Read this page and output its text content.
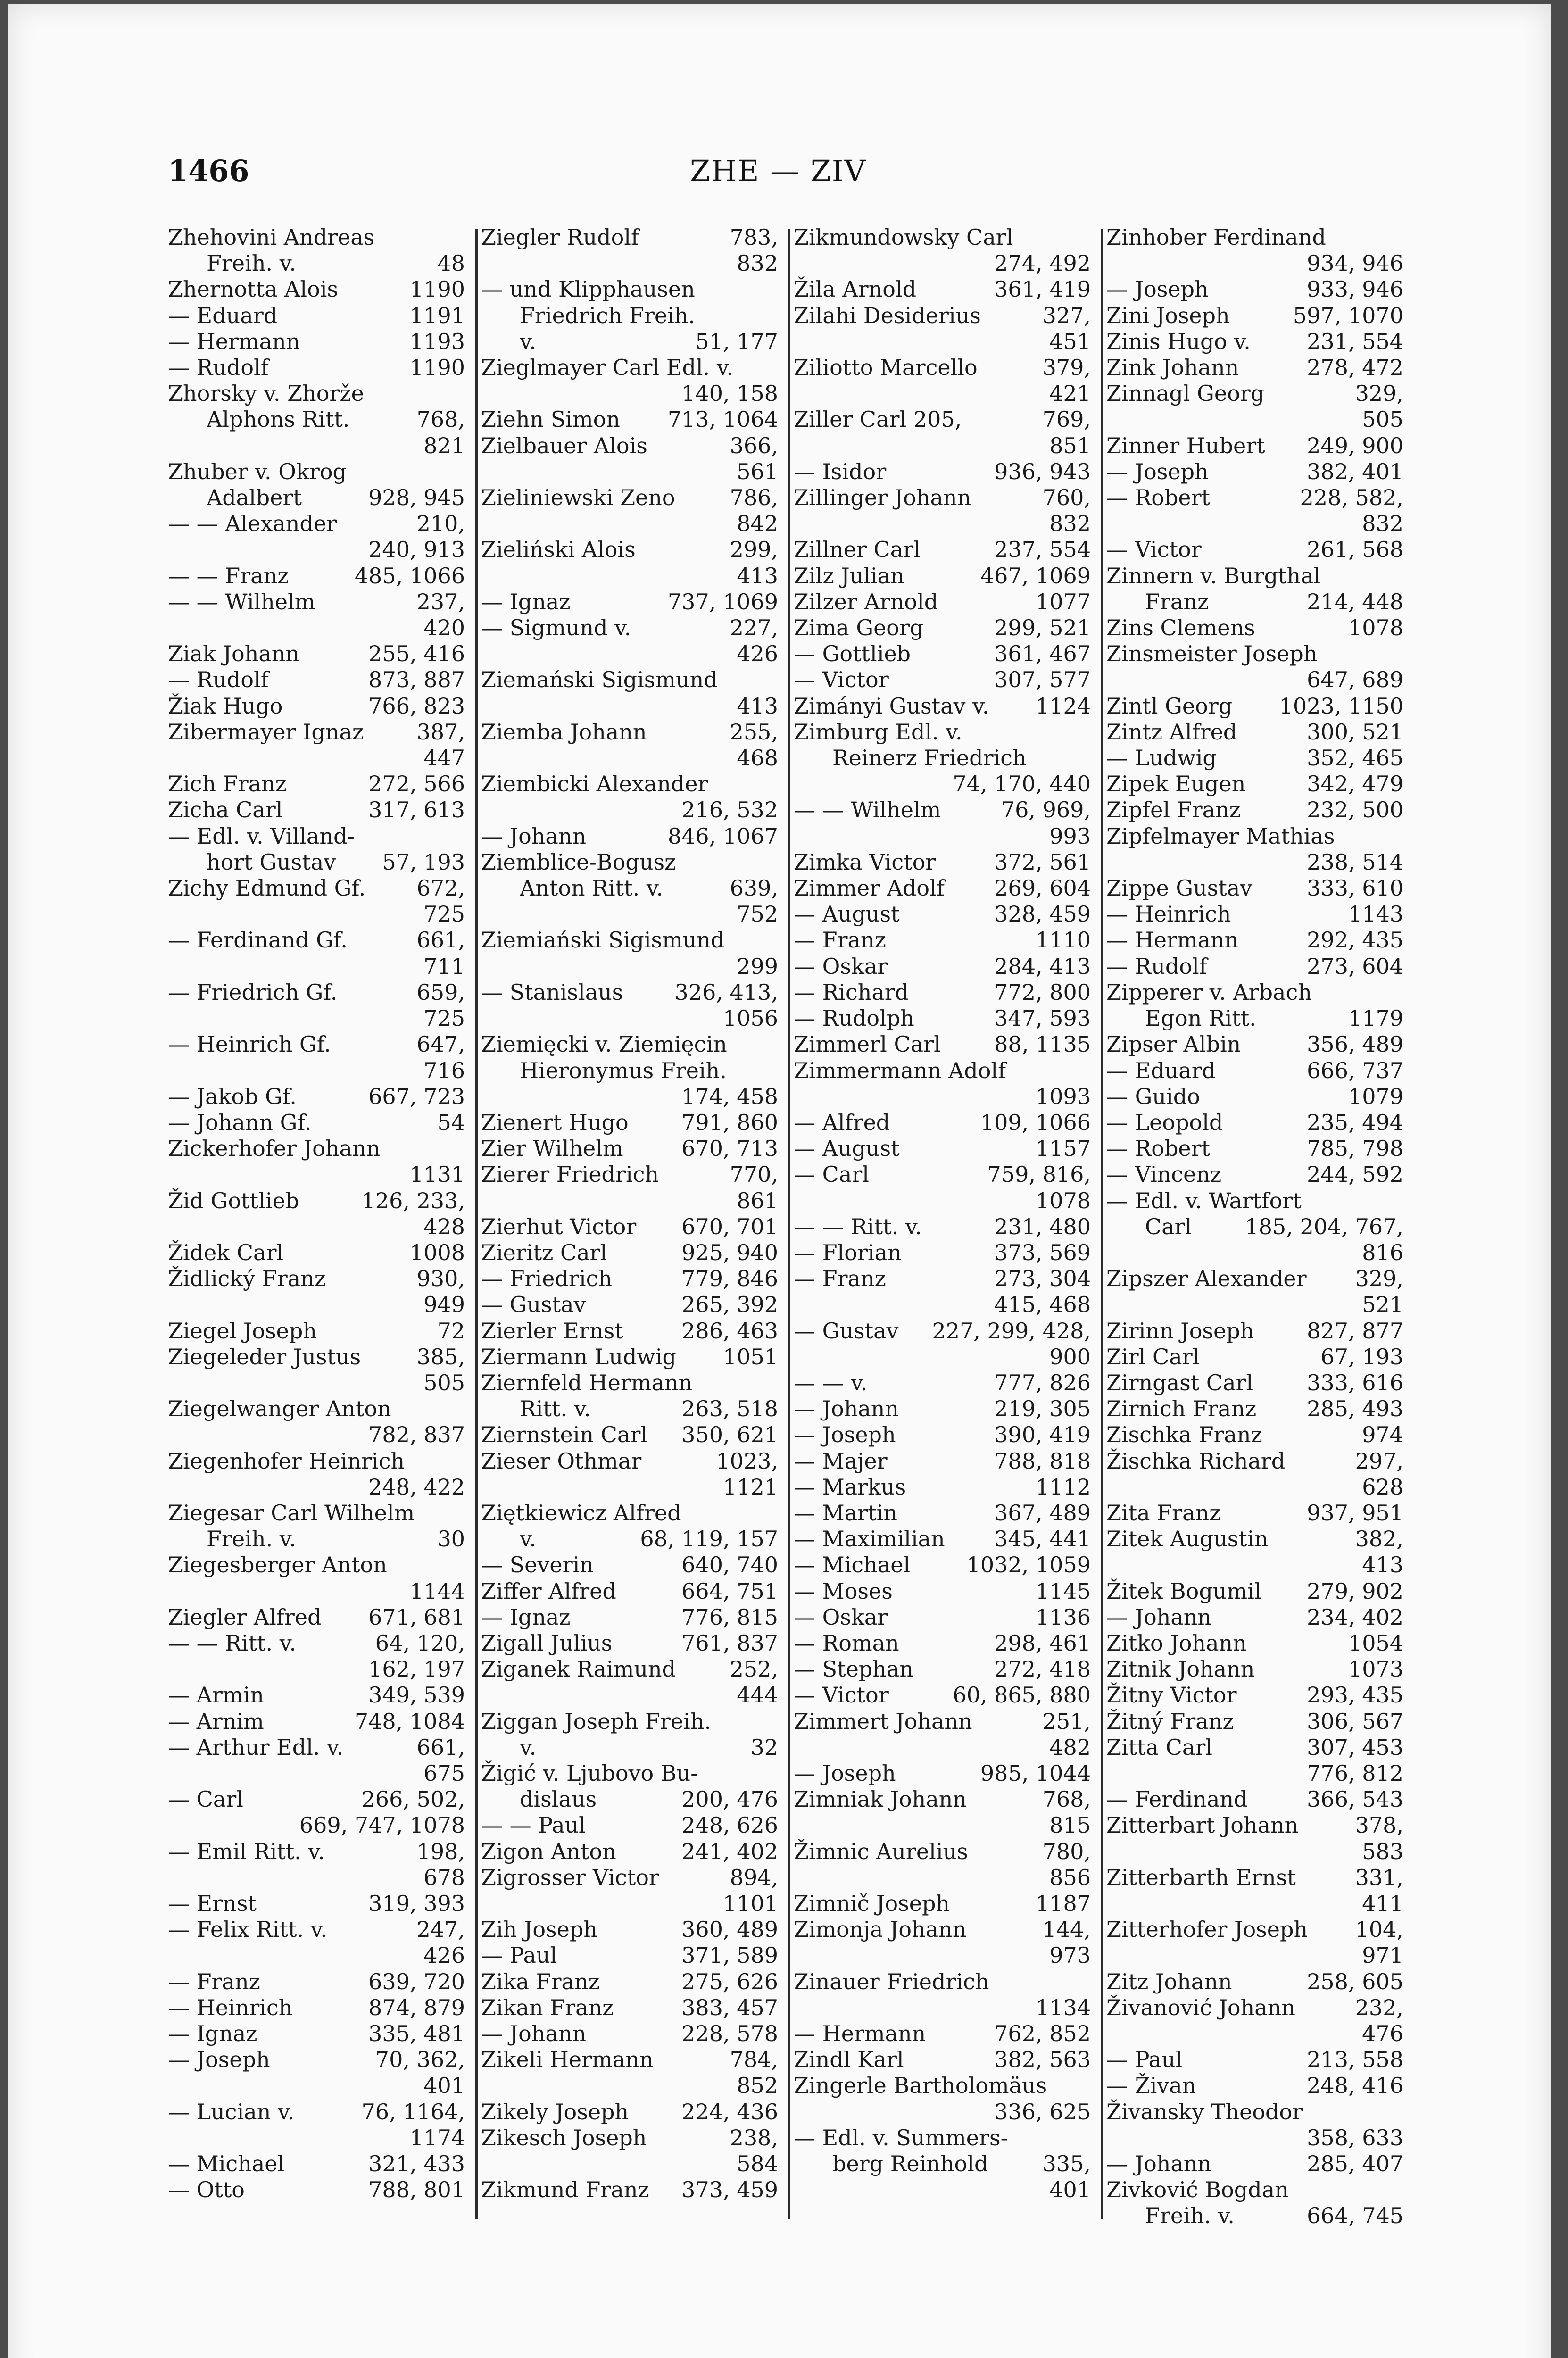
1466	ZHE — ZIV
Zhehovini Andreas
Freih. v.	48
Zhernotta Alois	1190
— Eduard	1191
— Hermann	1193
— Rudolf	1190
Zhorsky v. Zhorže
Alphons Ritt.	768,
821
Zhuber v. Okrog
Adalbert	928, 945
— — Alexander	210,
240, 913
— — Franz	485, 1066
— — Wilhelm	237,
420
Ziak Johann	255, 416
— Rudolf	873, 887
Žiak Hugo	766, 823
Zibermayer Ignaz	387,
447
Zich Franz	272, 566
Zicha Carl	317, 613
— Edl. v. Villand-
hort Gustav	57, 193
Zichy Edmund Gf.	672,
725
— Ferdinand Gf.	661,
711
— Friedrich Gf.	659,
725
— Heinrich Gf.	647,
716
— Jakob Gf.	667, 723
— Johann Gf.	54
Zickerhofer Johann
1131
Žid Gottlieb	126, 233,
428
Židek Carl	1008
Židlický Franz	930,
949
Ziegel Joseph	72
Ziegeleder Justus	385,
505
Ziegelwanger Anton
782, 837
Ziegenhofer Heinrich
248, 422
Ziegesar Carl Wilhelm
Freih. v.	30
Ziegesberger Anton
1144
Ziegler Alfred	671, 681
— — Ritt. v.	64, 120,
162, 197
— Armin	349, 539
— Arnim	748, 1084
— Arthur Edl. v.	661,
675
— Carl	266, 502,
669, 747, 1078
— Emil Ritt. v.	198,
678
— Ernst	319, 393
— Felix Ritt. v.	247,
426
— Franz	639, 720
— Heinrich	874, 879
— Ignaz	335, 481
— Joseph	70, 362,
401
— Lucian v.	76, 1164,
1174
— Michael	321, 433
— Otto	788, 801
Ziegler Rudolf	783,
832
— und Klipphausen
Friedrich Freih.
v.	51, 177
Zieglmayer Carl Edl. v.
140, 158
Ziehn Simon	713, 1064
Zielbauer Alois	366,
561
Zieliniewski Zeno	786,
842
Zieliński Alois	299,
413
— Ignaz	737, 1069
— Sigmund v.	227,
426
Ziemański Sigismund
413
Ziemba Johann	255,
468
Ziembicki Alexander
216, 532
— Johann	846, 1067
Ziemblice-Bogusz
Anton Ritt. v.	639,
752
Ziemiański Sigismund
299
— Stanislaus	326, 413,
1056
Ziemięcki v. Ziemięcin
Hieronymus Freih.
174, 458
Zienert Hugo	791, 860
Zier Wilhelm	670, 713
Zierer Friedrich	770,
861
Zierhut Victor	670, 701
Zieritz Carl	925, 940
— Friedrich	779, 846
— Gustav	265, 392
Zierler Ernst	286, 463
Ziermann Ludwig	1051
Ziernfeld Hermann
Ritt. v.	263, 518
Ziernstein Carl	350, 621
Zieser Othmar	1023,
1121
Ziętkiewicz Alfred
v.	68, 119, 157
— Severin	640, 740
Ziffer Alfred	664, 751
— Ignaz	776, 815
Zigall Julius	761, 837
Ziganek Raimund	252,
444
Ziggan Joseph Freih.
v.	32
Žigić v. Ljubovo Bu-
dislaus	200, 476
— — Paul	248, 626
Zigon Anton	241, 402
Zigrosser Victor	894,
1101
Zih Joseph	360, 489
— Paul	371, 589
Zika Franz	275, 626
Zikan Franz	383, 457
— Johann	228, 578
Zikeli Hermann	784,
852
Zikely Joseph	224, 436
Zikesch Joseph	238,
584
Zikmund Franz	373, 459
Zikmundowsky Carl
274, 492
Žila Arnold	361, 419
Zilahi Desiderius	327,
451
Ziliotto Marcello	379,
421
Ziller Carl 205,	769,
851
— Isidor	936, 943
Zillinger Johann	760,
832
Zillner Carl	237, 554
Zilz Julian	467, 1069
Zilzer Arnold	1077
Zima Georg	299, 521
— Gottlieb	361, 467
— Victor	307, 577
Zimányi Gustav v.	1124
Zimburg Edl. v.
Reinerz Friedrich
74, 170, 440
— — Wilhelm	76, 969,
993
Zimka Victor	372, 561
Zimmer Adolf	269, 604
— August	328, 459
— Franz	1110
— Oskar	284, 413
— Richard	772, 800
— Rudolph	347, 593
Zimmerl Carl	88, 1135
Zimmermann Adolf
1093
— Alfred	109, 1066
— August	1157
— Carl	759, 816,
1078
— — Ritt. v.	231, 480
— Florian	373, 569
— Franz	273, 304
415, 468
— Gustav	227, 299, 428,
900
— — v.	777, 826
— Johann	219, 305
— Joseph	390, 419
— Majer	788, 818
— Markus	1112
— Martin	367, 489
— Maximilian	345, 441
— Michael	1032, 1059
— Moses	1145
— Oskar	1136
— Roman	298, 461
— Stephan	272, 418
— Victor	60, 865, 880
Zimmert Johann	251,
482
— Joseph	985, 1044
Zimniak Johann	768,
815
Žimnic Aurelius	780,
856
Zimnič Joseph	1187
Zimonja Johann	144,
973
Zinauer Friedrich
1134
— Hermann	762, 852
Zindl Karl	382, 563
Zingerle Bartholomäus
336, 625
— Edl. v. Summers-
berg Reinhold	335,
401
Zinhober Ferdinand
934, 946
— Joseph	933, 946
Zini Joseph	597, 1070
Zinis Hugo v.	231, 554
Zink Johann	278, 472
Zinnagl Georg	329,
505
Zinner Hubert	249, 900
— Joseph	382, 401
— Robert	228, 582,
832
— Victor	261, 568
Zinnern v. Burgthal
Franz	214, 448
Zins Clemens	1078
Zinsmeister Joseph
647, 689
Zintl Georg	1023, 1150
Zintz Alfred	300, 521
— Ludwig	352, 465
Zipek Eugen	342, 479
Zipfel Franz	232, 500
Zipfelmayer Mathias
238, 514
Zippe Gustav	333, 610
— Heinrich	1143
— Hermann	292, 435
— Rudolf	273, 604
Zipperer v. Arbach
Egon Ritt.	1179
Zipser Albin	356, 489
— Eduard	666, 737
— Guido	1079
— Leopold	235, 494
— Robert	785, 798
— Vincenz	244, 592
— Edl. v. Wartfort
Carl	185, 204, 767,
816
Zipszer Alexander	329,
521
Zirinn Joseph	827, 877
Zirl Carl	67, 193
Zirngast Carl	333, 616
Zirnich Franz	285, 493
Zischka Franz	974
Žischka Richard	297,
628
Zita Franz	937, 951
Zitek Augustin	382,
413
Žitek Bogumil	279, 902
— Johann	234, 402
Zitko Johann	1054
Zitnik Johann	1073
Žitny Victor	293, 435
Žitný Franz	306, 567
Zitta Carl	307, 453
776, 812
— Ferdinand	366, 543
Zitterbart Johann	378,
583
Zitterbarth Ernst	331,
411
Zitterhofer Joseph	104,
971
Zitz Johann	258, 605
Živanović Johann	232,
476
— Paul	213, 558
— Živan	248, 416
Živansky Theodor
358, 633
— Johann	285, 407
Zivković Bogdan
Freih. v.	664, 745
